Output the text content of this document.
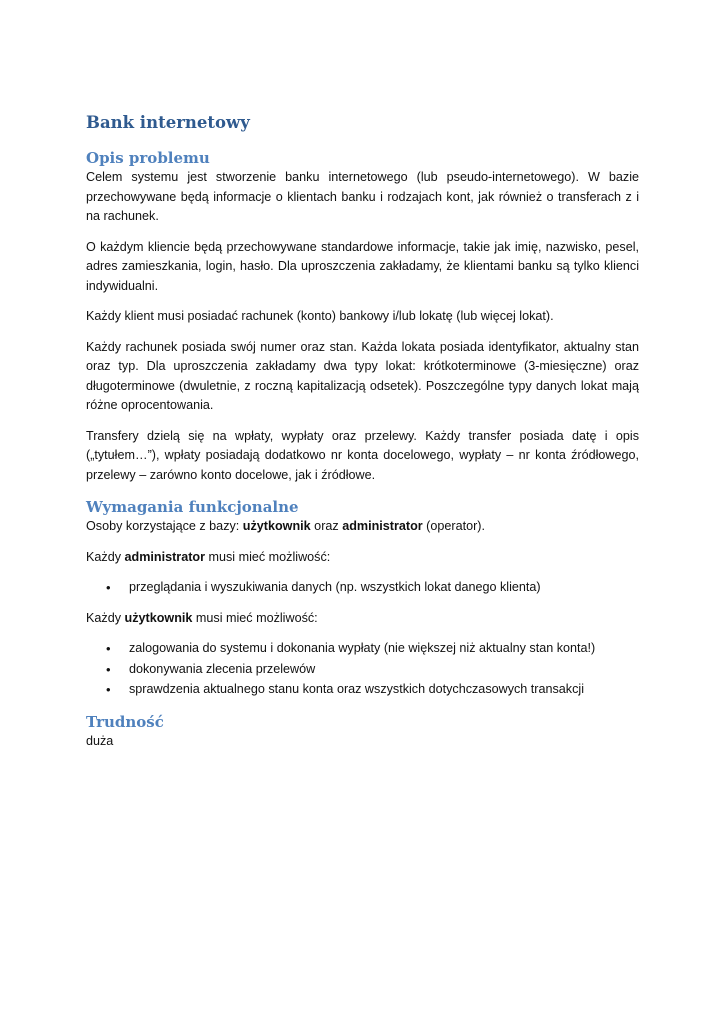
Bank internetowy
Opis problemu

Celem systemu jest stworzenie banku internetowego (lub pseudo-internetowego). W bazie przechowywane będą informacje o klientach banku i rodzajach kont, jak również o transferach z i na rachunek.

O każdym kliencie będą przechowywane standardowe informacje, takie jak imię, nazwisko, pesel, adres zamieszkania, login, hasło. Dla uproszczenia zakładamy, że klientami banku są tylko klienci indywidualni.

Każdy klient musi posiadać rachunek (konto) bankowy i/lub lokatę (lub więcej lokat).

Każdy rachunek posiada swój numer oraz stan. Każda lokata posiada identyfikator, aktualny stan oraz typ. Dla uproszczenia zakładamy dwa typy lokat: krótkoterminowe (3-miesięczne) oraz długoterminowe (dwuletnie, z roczną kapitalizacją odsetek). Poszczególne typy danych lokat mają różne oprocentowania.

Transfery dzielą się na wpłaty, wypłaty oraz przelewy. Każdy transfer posiada datę i opis („tytułem…”), wpłaty posiadają dodatkowo nr konta docelowego, wypłaty – nr konta źródłowego, przelewy – zarówno konto docelowe, jak i źródłowe.

Wymagania funkcjonalne

Osoby korzystające z bazy: użytkownik oraz administrator (operator).

Każdy administrator musi mieć możliwość:

• przeglądania i wyszukiwania danych (np. wszystkich lokat danego klienta)

Każdy użytkownik musi mieć możliwość:

• zalogowania do systemu i dokonania wypłaty (nie większej niż aktualny stan konta!)
• dokonywania zlecenia przelewów
• sprawdzenia aktualnego stanu konta oraz wszystkich dotychczasowych transakcji
Trudność

duża
